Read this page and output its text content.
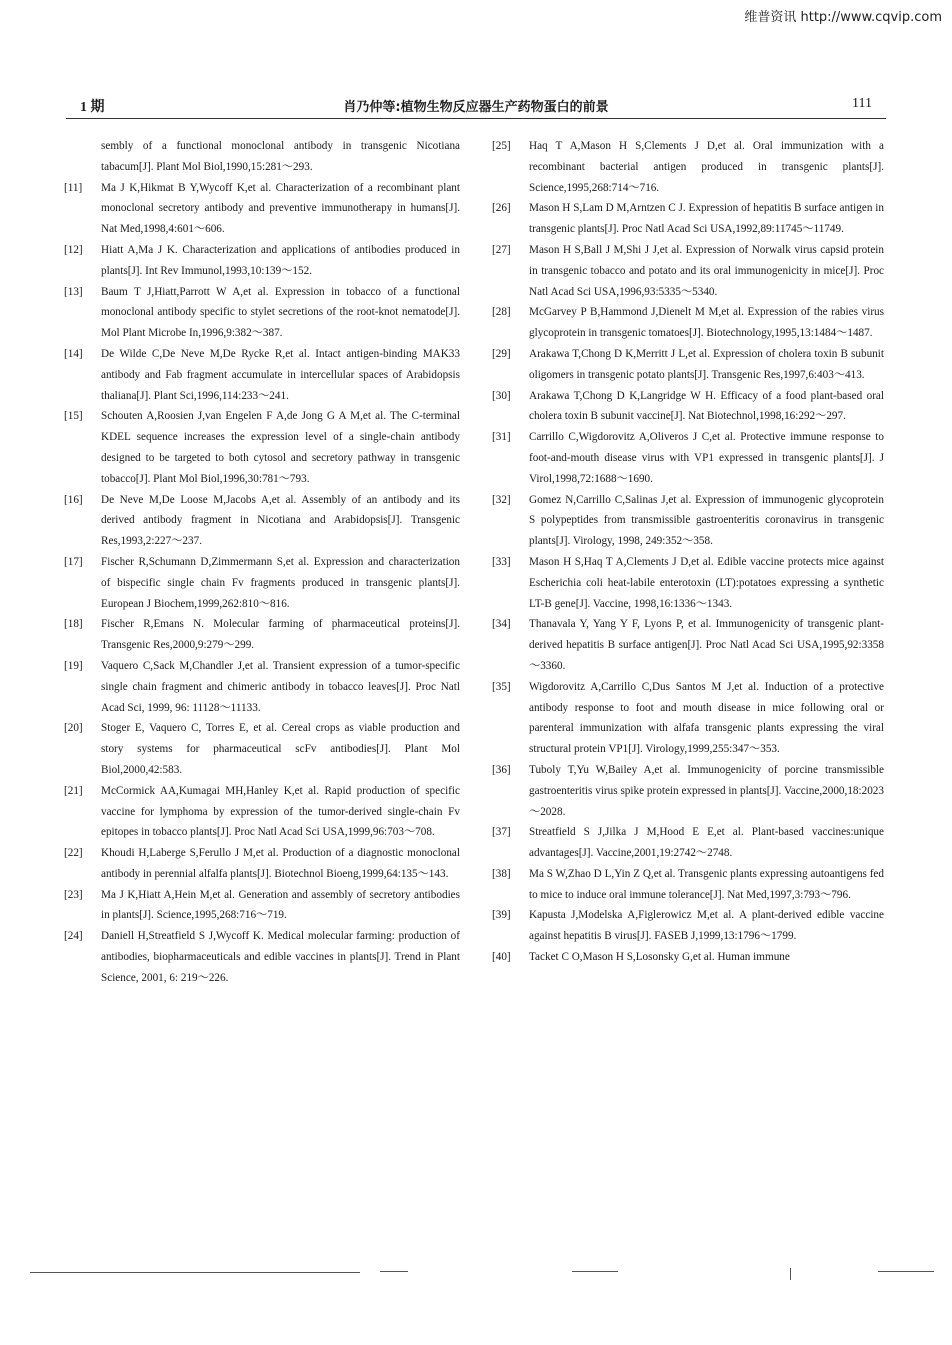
维普资讯 http://www.cqvip.com
1 期	肖乃仲等:植物生物反应器生产药物蛋白的前景	111

sembly of a functional monoclonal antibody in transgenic Nicotiana tabacum[J]. Plant Mol Biol,1990,15:281～293.

[11] Ma J K,Hikmat B Y,Wycoff K,et al. Characterization of a recombinant plant monoclonal secretory antibody and preventive immunotherapy in humans[J]. Nat Med,1998,4:601～606.

[12] Hiatt A,Ma J K. Characterization and applications of antibodies produced in plants[J]. Int Rev Immunol,1993,10:139～152.

[13] Baum T J,Hiatt,Parrott W A,et al. Expression in tobacco of a functional monoclonal antibody specific to stylet secretions of the root-knot nematode[J]. Mol Plant Microbe In,1996,9:382～387.

[14] De Wilde C,De Neve M,De Rycke R,et al. Intact antigen-binding MAK33 antibody and Fab fragment accumulate in intercellular spaces of Arabidopsis thaliana[J]. Plant Sci,1996,114:233～241.

[15] Schouten A,Roosien J,van Engelen F A,de Jong G A M,et al. The C-terminal KDEL sequence increases the expression level of a single-chain antibody designed to be targeted to both cytosol and secretory pathway in transgenic tobacco[J]. Plant Mol Biol,1996,30:781～793.

[16] De Neve M,De Loose M,Jacobs A,et al. Assembly of an antibody and its derived antibody fragment in Nicotiana and Arabidopsis[J]. Transgenic Res,1993,2:227～237.

[17] Fischer R,Schumann D,Zimmermann S,et al. Expression and characterization of bispecific single chain Fv fragments produced in transgenic plants[J]. European J Biochem,1999,262:810～816.

[18] Fischer R,Emans N. Molecular farming of pharmaceutical proteins[J]. Transgenic Res,2000,9:279～299.

[19] Vaquero C,Sack M,Chandler J,et al. Transient expression of a tumor-specific single chain fragment and chimeric antibody in tobacco leaves[J]. Proc Natl Acad Sci, 1999, 96: 11128～11133.

[20] Stoger E, Vaquero C, Torres E, et al. Cereal crops as viable production and story systems for pharmaceutical scFv antibodies[J]. Plant Mol Biol,2000,42:583.

[21] McCormick AA,Kumagai MH,Hanley K,et al. Rapid production of specific vaccine for lymphoma by expression of the tumor-derived single-chain Fv epitopes in tobacco plants[J]. Proc Natl Acad Sci USA,1999,96:703～708.

[22] Khoudi H,Laberge S,Ferullo J M,et al. Production of a diagnostic monoclonal antibody in perennial alfalfa plants[J]. Biotechnol Bioeng,1999,64:135～143.

[23] Ma J K,Hiatt A,Hein M,et al. Generation and assembly of secretory antibodies in plants[J]. Science,1995,268:716～719.

[24] Daniell H,Streatfield S J,Wycoff K. Medical molecular farming: production of antibodies, biopharmaceuticals and edible vaccines in plants[J]. Trend in Plant Science, 2001, 6: 219～226.

[25] Haq T A,Mason H S,Clements J D,et al. Oral immunization with a recombinant bacterial antigen produced in transgenic plants[J]. Science,1995,268:714～716.

[26] Mason H S,Lam D M,Arntzen C J. Expression of hepatitis B surface antigen in transgenic plants[J]. Proc Natl Acad Sci USA,1992,89:11745～11749.

[27] Mason H S,Ball J M,Shi J J,et al. Expression of Norwalk virus capsid protein in transgenic tobacco and potato and its oral immunogenicity in mice[J]. Proc Natl Acad Sci USA,1996,93:5335～5340.

[28] McGarvey P B,Hammond J,Dienelt M M,et al. Expression of the rabies virus glycoprotein in transgenic tomatoes[J]. Biotechnology,1995,13:1484～1487.

[29] Arakawa T,Chong D K,Merritt J L,et al. Expression of cholera toxin B subunit oligomers in transgenic potato plants[J]. Transgenic Res,1997,6:403～413.

[30] Arakawa T,Chong D K,Langridge W H. Efficacy of a food plant-based oral cholera toxin B subunit vaccine[J]. Nat Biotechnol,1998,16:292～297.

[31] Carrillo C,Wigdorovitz A,Oliveros J C,et al. Protective immune response to foot-and-mouth disease virus with VP1 expressed in transgenic plants[J]. J Virol,1998,72:1688～1690.

[32] Gomez N,Carrillo C,Salinas J,et al. Expression of immunogenic glycoprotein S polypeptides from transmissible gastroenteritis coronavirus in transgenic plants[J]. Virology, 1998, 249:352～358.

[33] Mason H S,Haq T A,Clements J D,et al. Edible vaccine protects mice against Escherichia coli heat-labile enterotoxin (LT):potatoes expressing a synthetic LT-B gene[J]. Vaccine, 1998,16:1336～1343.

[34] Thanavala Y, Yang Y F, Lyons P, et al. Immunogenicity of transgenic plant-derived hepatitis B surface antigen[J]. Proc Natl Acad Sci USA,1995,92:3358～3360.

[35] Wigdorovitz A,Carrillo C,Dus Santos M J,et al. Induction of a protective antibody response to foot and mouth disease in mice following oral or parenteral immunization with alfafa transgenic plants expressing the viral structural protein VP1[J]. Virology,1999,255:347～353.

[36] Tuboly T,Yu W,Bailey A,et al. Immunogenicity of porcine transmissible gastroenteritis virus spike protein expressed in plants[J]. Vaccine,2000,18:2023～2028.

[37] Streatfield S J,Jilka J M,Hood E E,et al. Plant-based vaccines:unique advantages[J]. Vaccine,2001,19:2742～2748.

[38] Ma S W,Zhao D L,Yin Z Q,et al. Transgenic plants expressing autoantigens fed to mice to induce oral immune tolerance[J]. Nat Med,1997,3:793～796.

[39] Kapusta J,Modelska A,Figlerowicz M,et al. A plant-derived edible vaccine against hepatitis B virus[J]. FASEB J,1999,13:1796～1799.

[40] Tacket C O,Mason H S,Losonsky G,et al. Human immune
